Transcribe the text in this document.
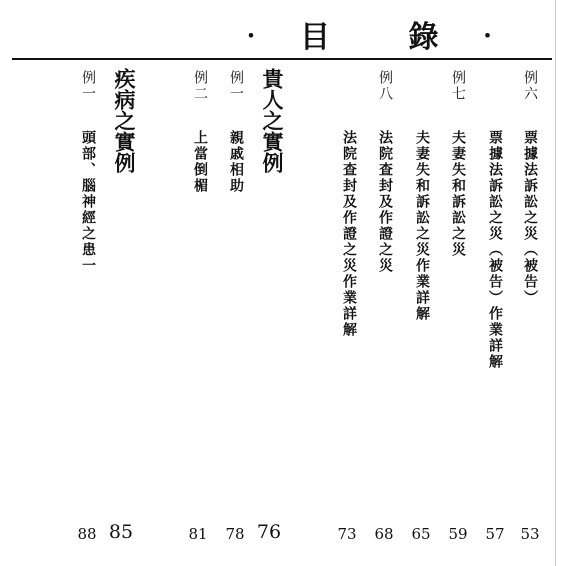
‧目 錄‧
例六
票據法訴訟之災（被告）
53
票據法訴訟之災（被告）作業詳解
57
例七
夫妻失和訴訟之災
59
夫妻失和訴訟之災作業詳解
65
例八
法院查封及作證之災
68
法院查封及作證之災作業詳解
73
貴人之實例
76
例一
親戚相助
78
例二
上當倒楣
81
疾病之實例
85
例一
頭部、腦神經之患一
88
